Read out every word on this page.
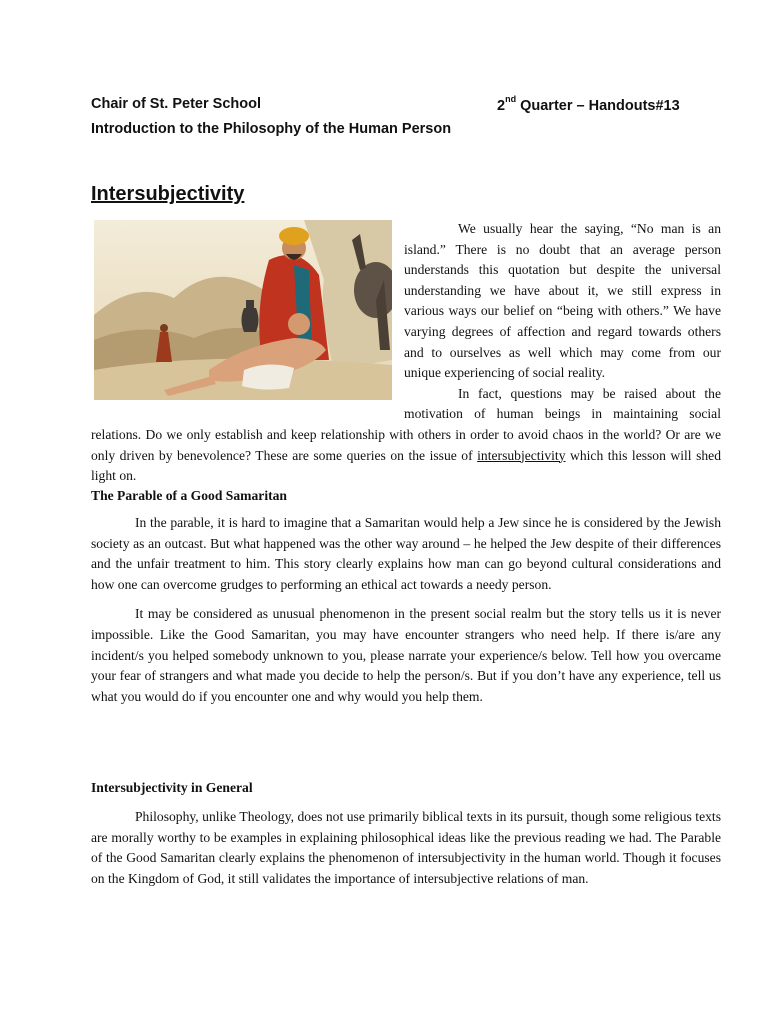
Chair of St. Peter School	2nd Quarter – Handouts#13
Introduction to the Philosophy of the Human Person
Intersubjectivity

We usually hear the saying, “No man is an island.” There is no doubt that an average person understands this quotation but despite the universal understanding we have about it, we still express in various ways our belief on “being with others.” We have varying degrees of affection and regard towards others and to ourselves as well which may come from our unique experiencing of social reality.

In fact, questions may be raised about the motivation of human beings in maintaining social relations. Do we only establish and keep relationship with others in order to avoid chaos in the world? Or are we only driven by benevolence? These are some queries on the issue of intersubjectivity which this lesson will shed light on.

The Parable of a Good Samaritan

In the parable, it is hard to imagine that a Samaritan would help a Jew since he is considered by the Jewish society as an outcast. But what happened was the other way around – he helped the Jew despite of their differences and the unfair treatment to him. This story clearly explains how man can go beyond cultural considerations and how one can overcome grudges to performing an ethical act towards a needy person.

It may be considered as unusual phenomenon in the present social realm but the story tells us it is never impossible. Like the Good Samaritan, you may have encounter strangers who need help. If there is/are any incident/s you helped somebody unknown to you, please narrate your experience/s below. Tell how you overcame your fear of strangers and what made you decide to help the person/s. But if you don’t have any experience, tell us what you would do if you encounter one and why would you help them.

Intersubjectivity in General

Philosophy, unlike Theology, does not use primarily biblical texts in its pursuit, though some religious texts are morally worthy to be examples in explaining philosophical ideas like the previous reading we had. The Parable of the Good Samaritan clearly explains the phenomenon of intersubjectivity in the human world. Though it focuses on the Kingdom of God, it still validates the importance of intersubjective relations of man.
